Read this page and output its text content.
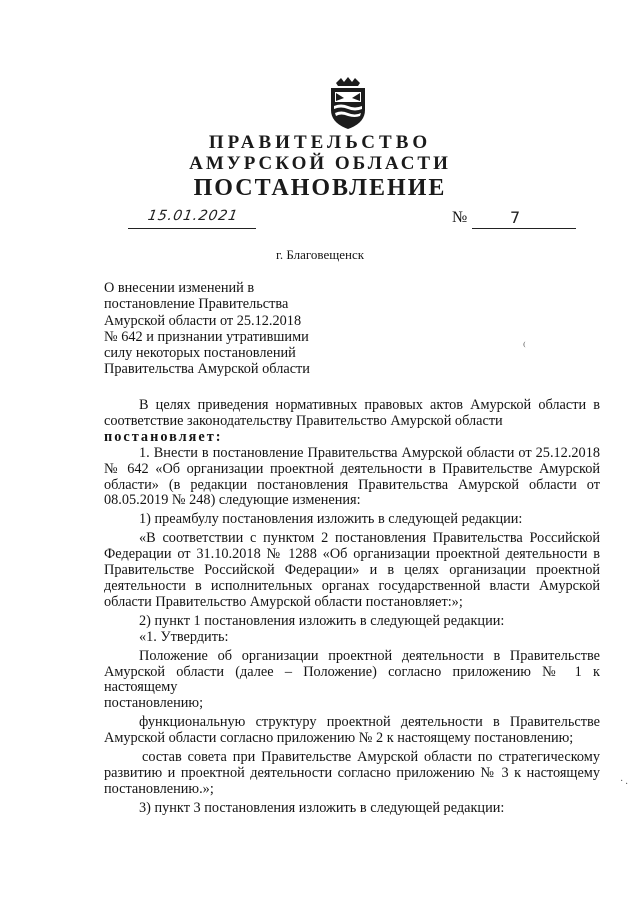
ПРАВИТЕЛЬСТВО
АМУРСКОЙ ОБЛАСТИ
ПОСТАНОВЛЕНИЕ
15.01.2021	№	7
г. Благовещенск
О внесении изменений в
постановление Правительства
Амурской области от 25.12.2018
№ 642 и признании утратившими
силу некоторых постановлений
Правительства Амурской области
⁽
·.
В целях приведения нормативных правовых актов Амурской области в
соответствие законодательству Правительство Амурской области
постановляет:
1. Внести в постановление Правительства Амурской области от 25.12.2018
№ 642 «Об организации проектной деятельности в Правительстве Амурской
области» (в редакции постановления Правительства Амурской области от
08.05.2019 № 248) следующие изменения:
1) преамбулу постановления изложить в следующей редакции:
«В соответствии с пунктом 2 постановления Правительства Российской
Федерации от 31.10.2018 № 1288 «Об организации проектной деятельности в
Правительстве Российской Федерации» и в целях организации проектной
деятельности в исполнительных органах государственной власти Амурской
области Правительство Амурской области постановляет:»;
2) пункт 1 постановления изложить в следующей редакции:
«1. Утвердить:
Положение об организации проектной деятельности в Правительстве
Амурской области (далее – Положение) согласно приложению № 1 к настоящему
постановлению;
функциональную структуру проектной деятельности в Правительстве
Амурской области согласно приложению № 2 к настоящему постановлению;
состав совета при Правительстве Амурской области по стратегическому
развитию и проектной деятельности согласно приложению № 3 к настоящему
постановлению.»;
3) пункт 3 постановления изложить в следующей редакции:
